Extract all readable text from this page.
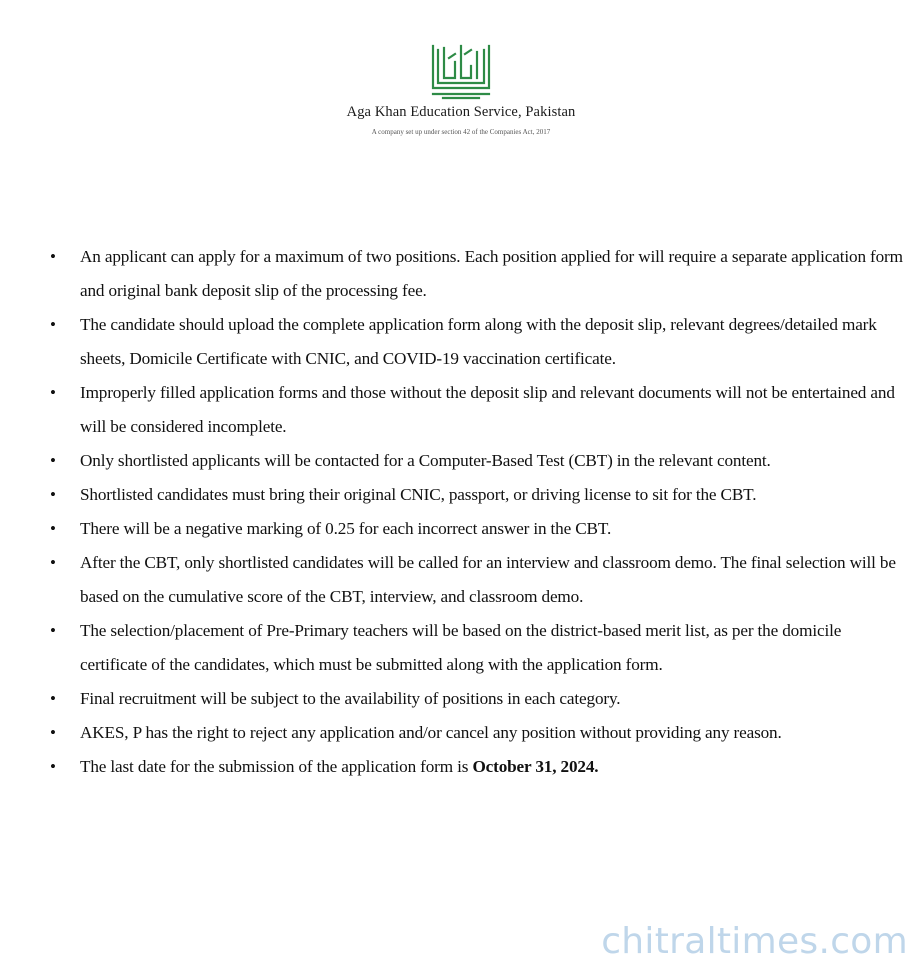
Aga Khan Education Service, Pakistan
A company set up under section 42 of the Companies Act, 2017
• An applicant can apply for a maximum of two positions. Each position applied for will require a separate application form and original bank deposit slip of the processing fee.
• The candidate should upload the complete application form along with the deposit slip, relevant degrees/detailed mark sheets, Domicile Certificate with CNIC, and COVID-19 vaccination certificate.
• Improperly filled application forms and those without the deposit slip and relevant documents will not be entertained and will be considered incomplete.
• Only shortlisted applicants will be contacted for a Computer-Based Test (CBT) in the relevant content.
• Shortlisted candidates must bring their original CNIC, passport, or driving license to sit for the CBT.
• There will be a negative marking of 0.25 for each incorrect answer in the CBT.
• After the CBT, only shortlisted candidates will be called for an interview and classroom demo. The final selection will be based on the cumulative score of the CBT, interview, and classroom demo.
• The selection/placement of Pre-Primary teachers will be based on the district-based merit list, as per the domicile certificate of the candidates, which must be submitted along with the application form.
• Final recruitment will be subject to the availability of positions in each category.
• AKES, P has the right to reject any application and/or cancel any position without providing any reason.
• The last date for the submission of the application form is October 31, 2024.
chitraltimes.com
